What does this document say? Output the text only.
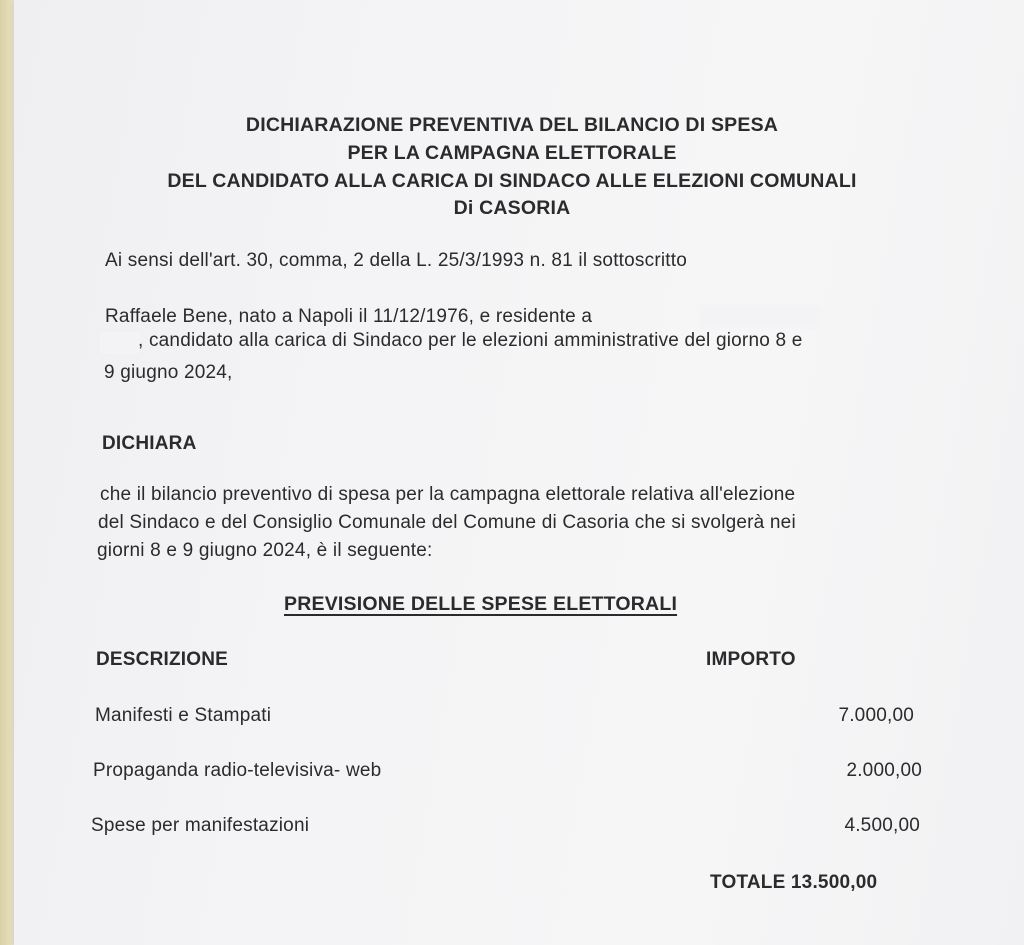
DICHIARAZIONE PREVENTIVA DEL BILANCIO DI SPESA
PER LA CAMPAGNA ELETTORALE
DEL CANDIDATO ALLA CARICA DI SINDACO ALLE ELEZIONI COMUNALI
Di CASORIA
Ai sensi dell'art. 30, comma, 2 della L. 25/3/1993 n. 81 il sottoscritto
Raffaele Bene, nato a Napoli il 11/12/1976, e residente a
, candidato alla carica di Sindaco per le elezioni amministrative del giorno 8 e
9 giugno 2024,
DICHIARA
che il bilancio preventivo di spesa per la campagna elettorale relativa all'elezione
del Sindaco e del Consiglio Comunale del Comune di Casoria che si svolgerà nei
giorni 8 e 9 giugno 2024, è il seguente:
PREVISIONE DELLE SPESE ELETTORALI
DESCRIZIONE	IMPORTO
Manifesti e Stampati	7.000,00
Propaganda radio-televisiva- web	2.000,00
Spese per manifestazioni	4.500,00
TOTALE 13.500,00
